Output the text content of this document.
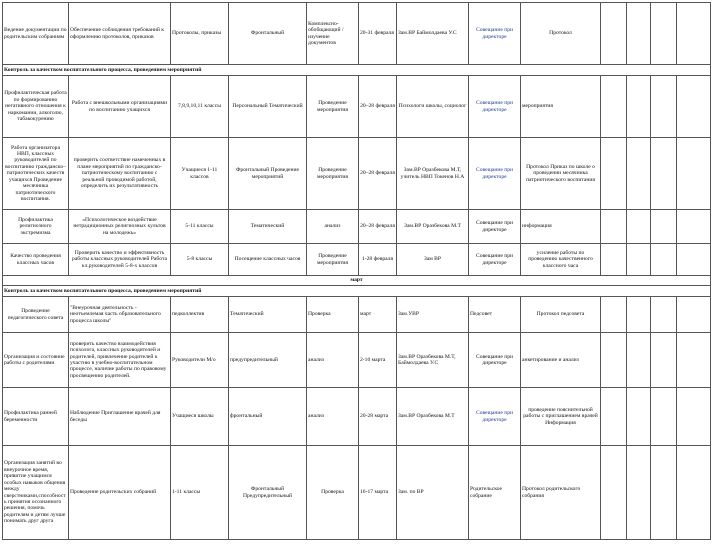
Ведение документации по родительским собраниям	Обеспечение соблюдения требований к оформлению протоколов, приказов	Протоколы, приказы	Фронтальный	Комплексно-обобщающий / изучение документов	20-31 февраля	Зам.ВР Баймолдаева У.С	Совещание при директоре	Протокол				
Контроль за качеством воспитательного процесса, проведением мероприятий												
Профилактическая работа по формированию негативного отношения к наркомании, алкоголю, табакокурению	Работа с внешкольными организациями по воспитанию учащихся	7,8,9,10,11 классы	Персональный Тематический	Проведение мероприятия	20–28 февраля	Психологи школы, социолог	Совещание при директоре	мероприятия				
Работа организатора НВП, классных руководителей по воспитанию гражданско–патриотических качеств учащихся Проведение месячника патриотического воспитания.	проверить соответствие намеченных в плане мероприятий по гражданско-патриотическому воспитанию с реальной проводимой работой, определить их результативность	Учащиеся 1-11 классов	Фронтальный Проведение мероприятий	Проведение мероприятия	20–28 февраля	Зам.ВР Оразбекова М.Т, учитель НВП Токенов Н.А	Совещание при директоре	Протокол Приказ по школе о проведении месячника патриотического воспитания				
Профилактика религиозного экстремизма	«Психологическое воздействие нетрадиционных религиозных культов на молодежь»	5-11 классы	Тематический	анализ	20–28 февраля	Зам.ВР Оразбекова М.Т	Совещание при директоре	информация				
Качество проведения классных часов	Проверить качество и эффективность работы классных руководителей Работа кл.руководителей 5-8-х классов	5-8 классы	Посещение классных часов	Проведение мероприятия	1-28 февраля	Зам ВР	Совещание при директоре	усиление работы по проведению качественного классного часа				
март												
Контроль за качеством воспитательного процесса, проведением мероприятий												
Проведение педагогического совета	"Внеурочная деятельность - неотъемлемая часть образовательного процесса школы"	педколлектив	Тематический	Проверка	март	Зам.УВР	Педсовет	Протокол педсовета				
Организация и состояние работы с родителями	проверить качество взаимодействия психолога, классных руководителей и родителей, привлечение родителей к участию в учебно-воспитательном процессе, наличие работы по правовому просвещению родителей.	Руководители М/о	предупредительный	анализ	2-10 марта	Зам.ВР Оразбекова М.Т, Баймолдаева У.С	Совещание при директоре	анкетирование и анализ				
Профилактика ранней беременности	Наблюдение Приглашение врачей для беседы	Учащиеся школы	фронтальный	анализ	20-28 марта	Зам.ВР Оразбекова М.Т	Совещание при директоре	проведение пояснительной работы с приглашением врачей Информация				
Организация занятий во внеурочное время, привитие учащимся особых навыков общения между сверстниками,способность принятия осознанного решения, помочь родителям и детям лучше понимать друг друга	Проведение родительских собраний	1-11 классы	Фронтальный Предупредительный	Проверка	16-17 марта	Зам. по ВР	Родительское собрание	Протокол родительского собрания				
